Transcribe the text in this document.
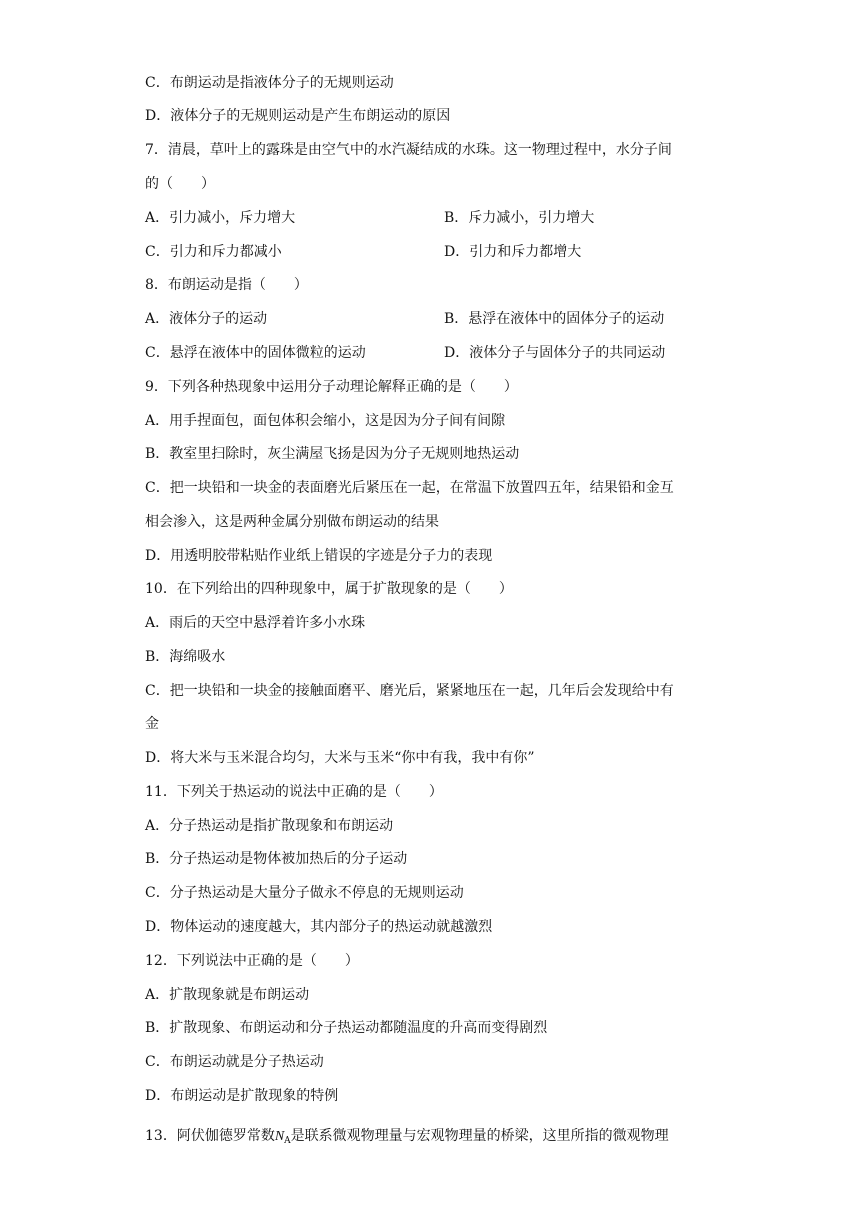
C．布朗运动是指液体分子的无规则运动
D．液体分子的无规则运动是产生布朗运动的原因
7．清晨，草叶上的露珠是由空气中的水汽凝结成的水珠。这一物理过程中，水分子间
的（　　）
A．引力减小，斥力增大	B．斥力减小，引力增大
C．引力和斥力都减小	D．引力和斥力都增大
8．布朗运动是指（　　）
A．液体分子的运动	B．悬浮在液体中的固体分子的运动
C．悬浮在液体中的固体微粒的运动	D．液体分子与固体分子的共同运动
9．下列各种热现象中运用分子动理论解释正确的是（　　）
A．用手捏面包，面包体积会缩小，这是因为分子间有间隙
B．教室里扫除时，灰尘满屋飞扬是因为分子无规则地热运动
C．把一块铅和一块金的表面磨光后紧压在一起，在常温下放置四五年，结果铅和金互
相会渗入，这是两种金属分别做布朗运动的结果
D．用透明胶带粘贴作业纸上错误的字迹是分子力的表现
10．在下列给出的四种现象中，属于扩散现象的是（　　）
A．雨后的天空中悬浮着许多小水珠
B．海绵吸水
C．把一块铅和一块金的接触面磨平、磨光后，紧紧地压在一起，几年后会发现给中有
金
D．将大米与玉米混合均匀，大米与玉米“你中有我，我中有你”
11．下列关于热运动的说法中正确的是（　　）
A．分子热运动是指扩散现象和布朗运动
B．分子热运动是物体被加热后的分子运动
C．分子热运动是大量分子做永不停息的无规则运动
D．物体运动的速度越大，其内部分子的热运动就越激烈
12．下列说法中正确的是（　　）
A．扩散现象就是布朗运动
B．扩散现象、布朗运动和分子热运动都随温度的升高而变得剧烈
C．布朗运动就是分子热运动
D．布朗运动是扩散现象的特例
13．阿伏伽德罗常数$N_A$是联系微观物理量与宏观物理量的桥梁，这里所指的微观物理
